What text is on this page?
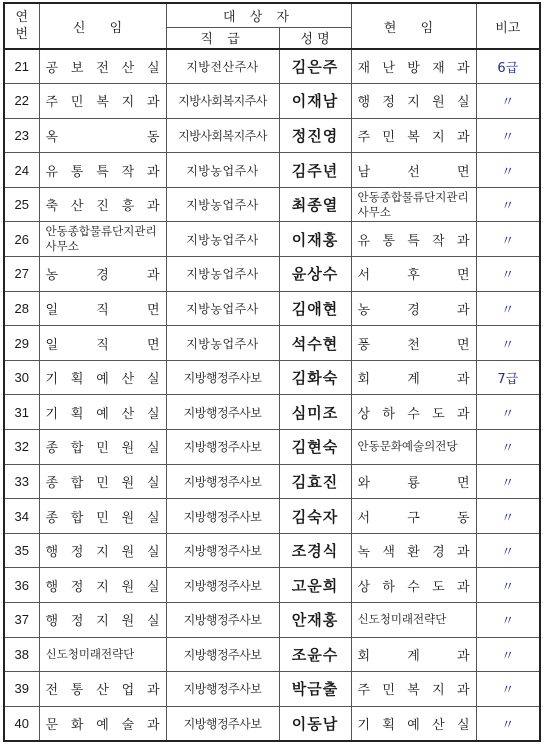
연
번	신 임	대 상 자		현 임	비고
		직 급	성 명		
21	공 보 전 산 실	지방전산주사	김은주	재 난 방 재 과	6급
22	주 민 복 지 과	지방사회복지주사	이재남	행 정 지 원 실	〃
23	옥 동	지방사회복지주사	정진영	주 민 복 지 과	〃
24	유 통 특 작 과	지방농업주사	김주년	남 선 면	〃
25	축 산 진 흥 과	지방농업주사	최종열	안동종합물류단지관리사무소	〃
26	안동종합물류단지관리사무소	지방농업주사	이재홍	유 통 특 작 과	〃
27	농 경 과	지방농업주사	윤상수	서 후 면	〃
28	일 직 면	지방농업주사	김애현	농 경 과	〃
29	일 직 면	지방농업주사	석수현	풍 천 면	〃
30	기 획 예 산 실	지방행정주사보	김화숙	회 계 과	7급
31	기 획 예 산 실	지방행정주사보	심미조	상 하 수 도 과	〃
32	종 합 민 원 실	지방행정주사보	김현숙	안동문화예술의전당	〃
33	종 합 민 원 실	지방행정주사보	김효진	와 룡 면	〃
34	종 합 민 원 실	지방행정주사보	김숙자	서 구 동	〃
35	행 정 지 원 실	지방행정주사보	조경식	녹 색 환 경 과	〃
36	행 정 지 원 실	지방행정주사보	고운희	상 하 수 도 과	〃
37	행 정 지 원 실	지방행정주사보	안재홍	신도청미래전략단	〃
38	신도청미래전략단	지방행정주사보	조윤수	회 계 과	〃
39	전 통 산 업 과	지방행정주사보	박금출	주 민 복 지 과	〃
40	문 화 예 술 과	지방행정주사보	이동남	기 획 예 산 실	〃
